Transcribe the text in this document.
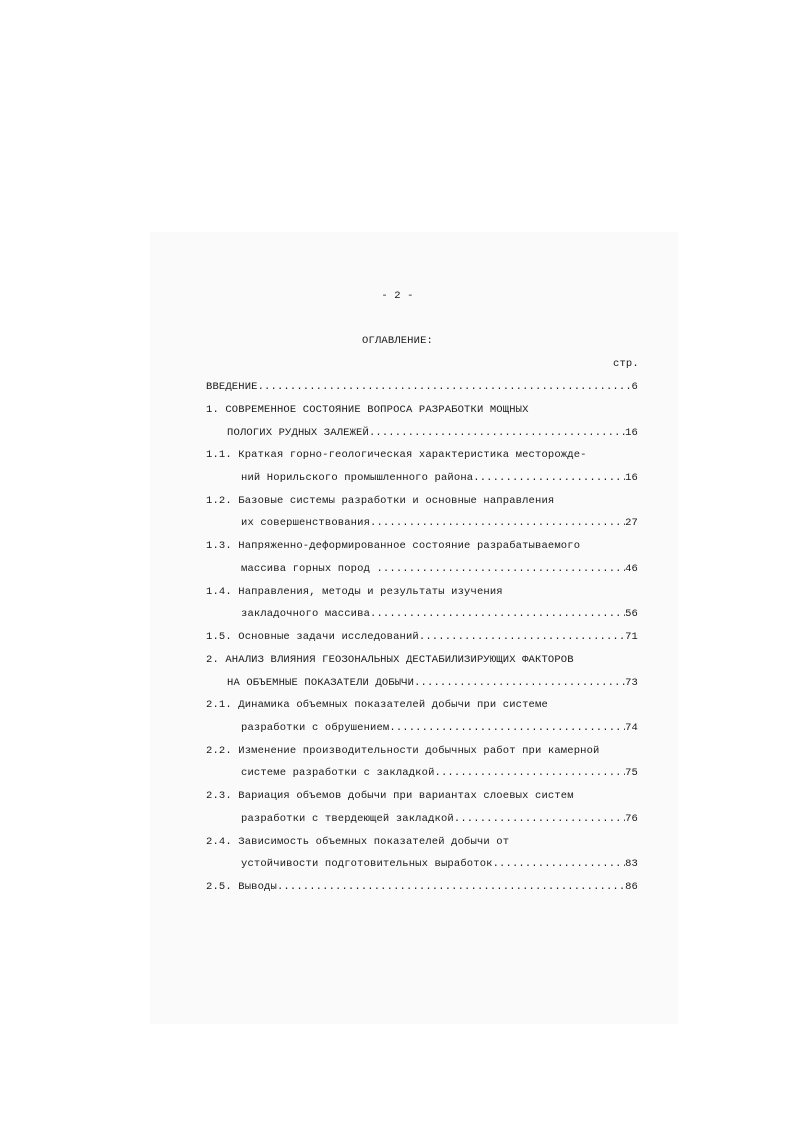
- 2 -
ОГЛАВЛЕНИЕ:
стр.
ВВЕДЕНИЕ .....	6
1. СОВРЕМЕННОЕ СОСТОЯНИЕ ВОПРОСА РАЗРАБОТКИ МОЩНЫХ
ПОЛОГИХ РУДНЫХ ЗАЛЕЖЕЙ .....	16
1.1. Краткая горно-геологическая характеристика месторожде-
ний Норильского промышленного района .....	16
1.2. Базовые системы разработки и основные направления
их совершенствования .....	27
1.3. Напряженно-деформированное состояние разрабатываемого
массива горных пород .....	46
1.4. Направления, методы и результаты изучения
закладочного массива .....	56
1.5. Основные задачи исследований .....	71
2. АНАЛИЗ ВЛИЯНИЯ ГЕОЗОНАЛЬНЫХ ДЕСТАБИЛИЗИРУЮЩИХ ФАКТОРОВ
НА ОБЪЕМНЫЕ ПОКАЗАТЕЛИ ДОБЫЧИ .....	73
2.1. Динамика объемных показателей добычи при системе
разработки с обрушением .....	74
2.2. Изменение производительности добычных работ при камерной
системе разработки с закладкой .....	75
2.3. Вариация объемов добычи при вариантах слоевых систем
разработки с твердеющей закладкой .....	76
2.4. Зависимость объемных показателей добычи от
устойчивости подготовительных выработок .....	83
2.5. Выводы .....	86
